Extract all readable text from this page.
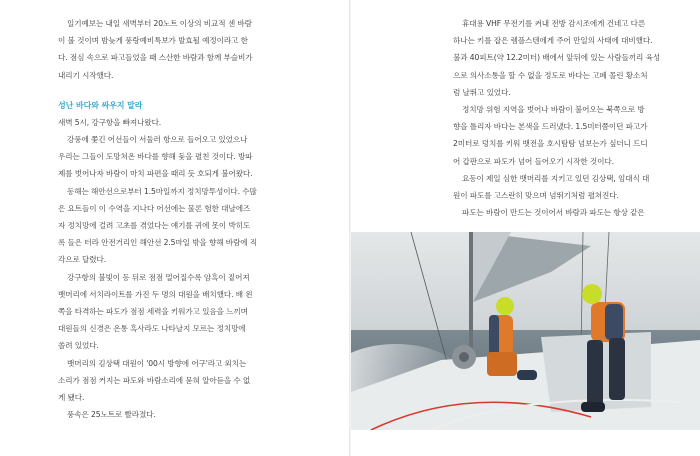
일기예보는 내일 새벽부터 20노트 이상의 비교적 센 바람

이 불 것이며 밤늦게 풍랑예비특보가 발효될 예정이라고 한

다. 점심 속으로 파고들었을 때 스산한 바람과 함께 부슬비가

내리기 시작했다.

성난 바다와 싸우지 말라

새벽 5시, 강구항을 빠져나왔다.

강풍에 쫓긴 어선들이 서둘러 항으로 들어오고 있었으나

우리는 그들이 도망쳐온 바다를 향해 돛을 펼친 것이다. 방파

제를 벗어나자 바람이 마치 파편을 때리 듯 호되게 불어왔다.

동해는 해안선으로부터 1.5마일까지 정치망투성이다. 수많

은 요트들이 이 수역을 지나다 어선에는 물론 험한 대날에즈

자 정치망에 걸려 고초를 겪었다는 얘기를 귀에 못이 박히도

록 들은 터라 안전거리인 해안선 2.5마일 밖을 향해 바람에 직

각으로 달렸다.

강구항의 불빛이 등 뒤로 점점 멀어질수록 암흑이 짙어져

뱃머리에 서치라이트를 가진 두 명의 대원을 배치했다. 배 왼

쪽을 타격하는 파도가 점점 세력을 키워가고 있음을 느끼며

대원들의 신경은 온통 흑사라도 나타날지 모르는 정치망에

쏠려 있었다.

뱃머리의 김상택 대원이 '00시 방향에 어구'라고 외치는

소리가 점점 커지는 파도와 바람소리에 묻혀 알아듣을 수 없

게 됐다.

풍속은 25노트로 빨라졌다.

휴대용 VHF 무전기를 켜내 전방 감시조에게 건네고 다른

하나는 키를 잡은 렘플스텐에게 주어 만일의 사태에 대비했다.

불과 40피트(약 12.2미터) 배에서 앞뒤에 있는 사람들끼리 육성

으로 의사소통을 할 수 없을 정도로 바다는 고폐 몰린 황소처

럼 날뛰고 있었다.

정치망 위험 지역을 벗어나 바람이 불어오는 북쪽으로 방

향을 틀리자 바다는 본색을 드러냈다. 1.5미터쯤이던 파고가

2미터로 덩치를 키워 뱃전을 호시탐탐 넘보는가 싶더니 드디

어 갑판으로 파도가 넘어 들어오기 시작한 것이다.

요동이 제일 심한 뱃머리를 지키고 있던 김상택, 임대식 대

원이 파도를 고스란히 맞으며 넘뛰기처럼 펼쳐진다.

파도는 바람이 만드는 것이어서 바람과 파도는 항상 같은
